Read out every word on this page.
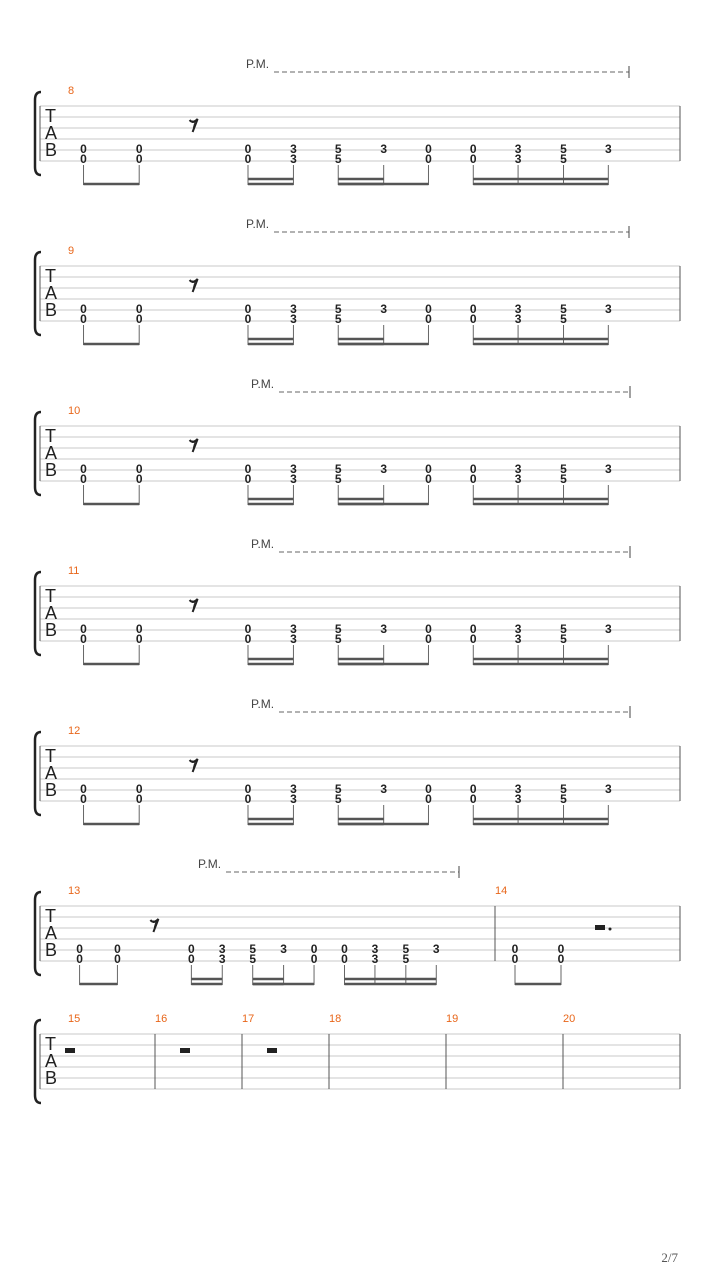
T
A
B
8
0
0
0
0
0
0
3
3
5
5
3	0
0
0
0
3
3
5
5
3
𝄾
P.M.
T
A
B
9
0
0
0
0
0
0
3
3
5
5
3	0
0
0
0
3
3
5
5
3
𝄾
P.M.
T
A
B
10
0
0
0
0
0
0
3
3
5
5
3	0
0
0
0
3
3
5
5
3
𝄾
P.M.
T
A
B
11
0
0
0
0
0
0
3
3
5
5
3	0
0
0
0
3
3
5
5
3
𝄾
P.M.
T
A
B
12
0
0
0
0
0
0
3
3
5
5
3	0
0
0
0
3
3
5
5
3
𝄾
P.M.
T
A
B
13
0
0
0
0
0
0
3
3
5
5
3 0
0
0
0
3
3
5
5
3
𝄾
14
0
0
0
0
P.M.
T
A
B
15	16	17	18	19	20
2/7
